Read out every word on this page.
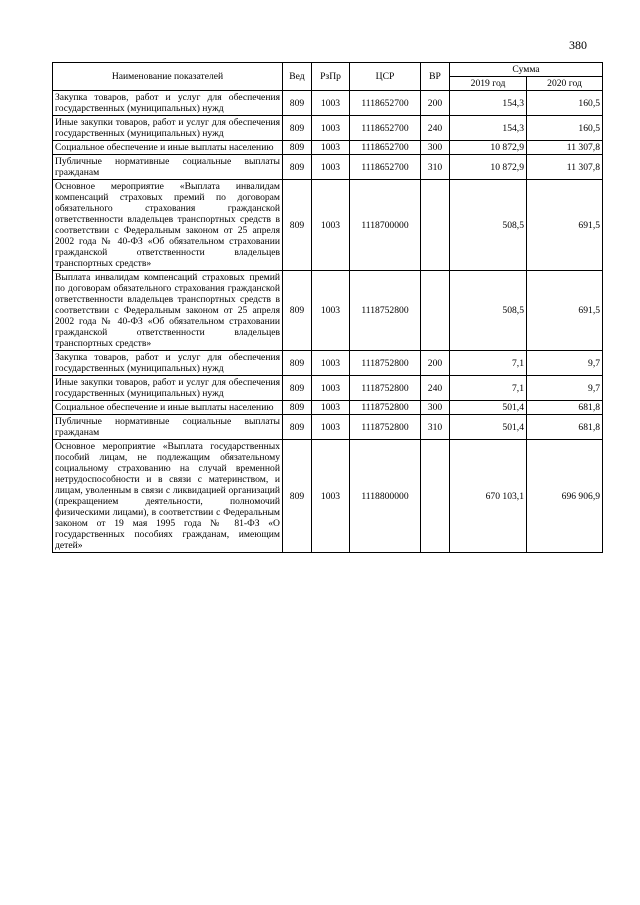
380
Наименование показателей	Вед	РзПр	ЦСР	ВР	Сумма	
					2019 год	2020 год
Закупка товаров, работ и услуг для обеспечения государственных (муниципальных) нужд	809	1003	1118652700	200	154,3	160,5
Иные закупки товаров, работ и услуг для обеспечения государственных (муниципальных) нужд	809	1003	1118652700	240	154,3	160,5
Социальное обеспечение и иные выплаты населению	809	1003	1118652700	300	10 872,9	11 307,8
Публичные нормативные социальные выплаты гражданам	809	1003	1118652700	310	10 872,9	11 307,8
Основное мероприятие «Выплата инвалидам компенсаций страховых премий по договорам обязательного страхования гражданской ответственности владельцев транспортных средств в соответствии с Федеральным законом от 25 апреля 2002 года № 40-ФЗ «Об обязательном страховании гражданской ответственности владельцев транспортных средств»	809	1003	1118700000		508,5	691,5
Выплата инвалидам компенсаций страховых премий по договорам обязательного страхования гражданской ответственности владельцев транспортных средств в соответствии с Федеральным законом от 25 апреля 2002 года № 40-ФЗ «Об обязательном страховании гражданской ответственности владельцев транспортных средств»	809	1003	1118752800		508,5	691,5
Закупка товаров, работ и услуг для обеспечения государственных (муниципальных) нужд	809	1003	1118752800	200	7,1	9,7
Иные закупки товаров, работ и услуг для обеспечения государственных (муниципальных) нужд	809	1003	1118752800	240	7,1	9,7
Социальное обеспечение и иные выплаты населению	809	1003	1118752800	300	501,4	681,8
Публичные нормативные социальные выплаты гражданам	809	1003	1118752800	310	501,4	681,8
Основное мероприятие «Выплата государственных пособий лицам, не подлежащим обязательному социальному страхованию на случай временной нетрудоспособности и в связи с материнством, и лицам, уволенным в связи с ликвидацией организаций (прекращением деятельности, полномочий физическими лицами), в соответствии с Федеральным законом от 19 мая 1995 года № 81-ФЗ «О государственных пособиях гражданам, имеющим детей»	809	1003	1118800000		670 103,1	696 906,9
